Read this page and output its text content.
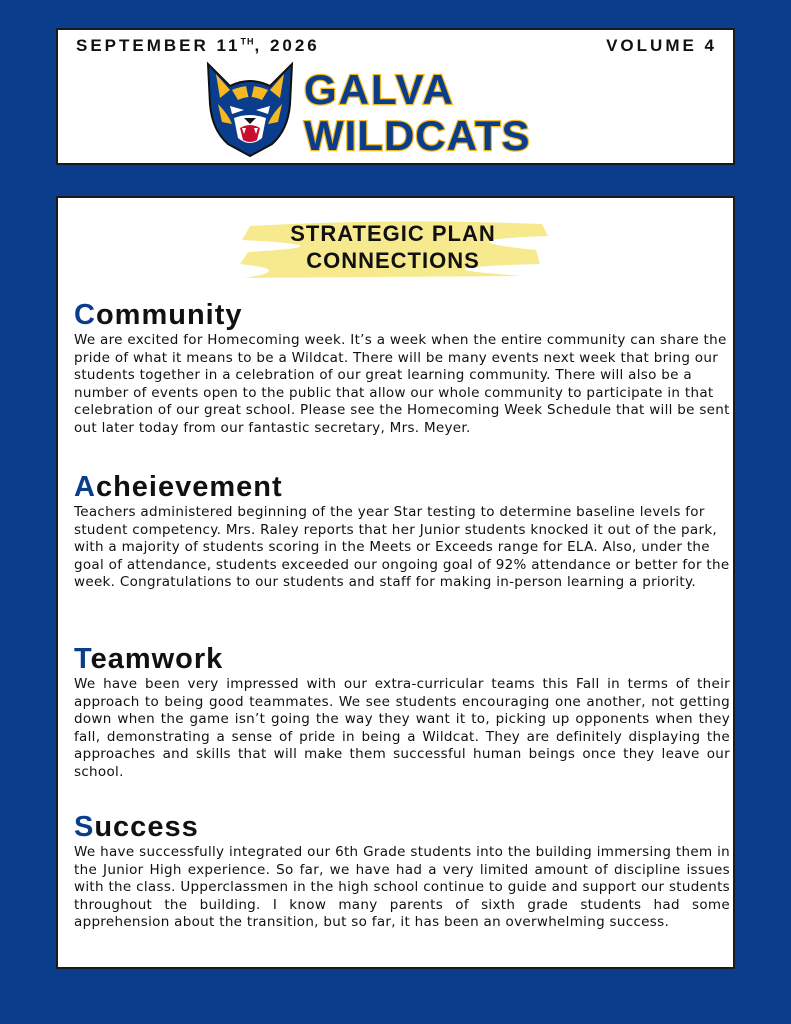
SEPTEMBER 11TH, 2026	VOLUME 4
GALVA
WILDCATS
STRATEGIC PLAN
CONNECTIONS
Community

We are excited for Homecoming week. It’s a week when the entire community can share the pride of what it means to be a Wildcat. There will be many events next week that bring our students together in a celebration of our great learning community. There will also be a number of events open to the public that allow our whole community to participate in that celebration of our great school. Please see the Homecoming Week Schedule that will be sent out later today from our fantastic secretary, Mrs. Meyer.

Acheievement

Teachers administered beginning of the year Star testing to determine baseline levels for student competency. Mrs. Raley reports that her Junior students knocked it out of the park, with a majority of students scoring in the Meets or Exceeds range for ELA. Also, under the goal of attendance, students exceeded our ongoing goal of 92% attendance or better for the week. Congratulations to our students and staff for making in-person learning a priority.

Teamwork

We have been very impressed with our extra-curricular teams this Fall in terms of their approach to being good teammates. We see students encouraging one another, not getting down when the game isn’t going the way they want it to, picking up opponents when they fall, demonstrating a sense of pride in being a Wildcat. They are definitely displaying the approaches and skills that will make them successful human beings once they leave our school.

Success

We have successfully integrated our 6th Grade students into the building immersing them in the Junior High experience. So far, we have had a very limited amount of discipline issues with the class. Upperclassmen in the high school continue to guide and support our students throughout the building. I know many parents of sixth grade students had some apprehension about the transition, but so far, it has been an overwhelming success.
